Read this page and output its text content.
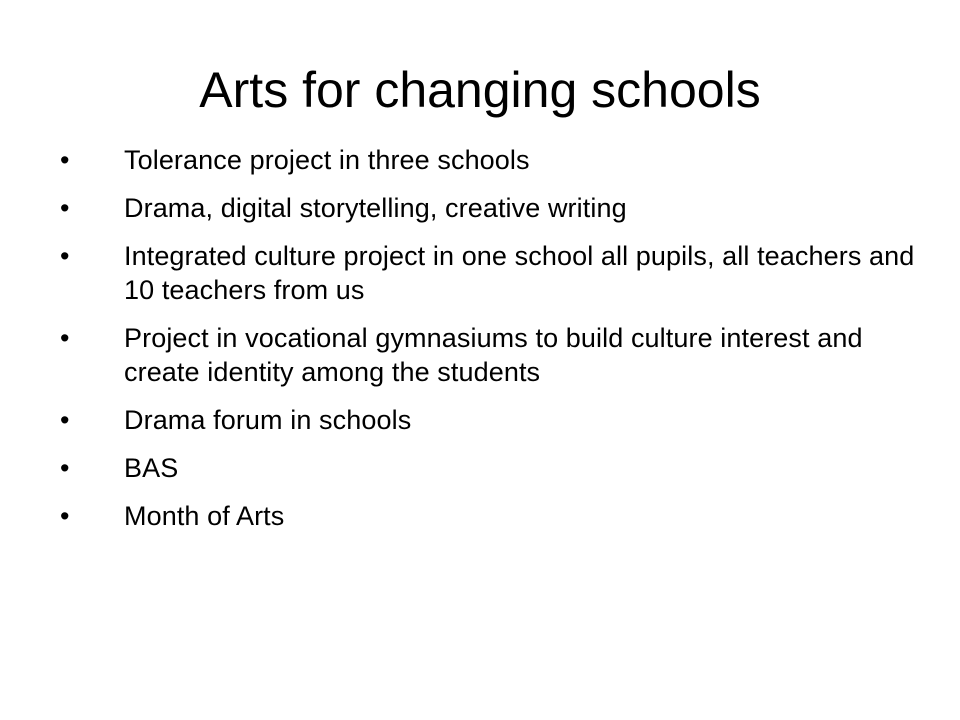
Arts for changing schools
•	Tolerance project in three schools
•	Drama, digital storytelling, creative writing
•	Integrated culture project in one school all pupils, all teachers and 10 teachers from us
•	Project in vocational gymnasiums to build culture interest and create identity among the students
•	Drama forum in schools
•	BAS
•	Month of Arts
